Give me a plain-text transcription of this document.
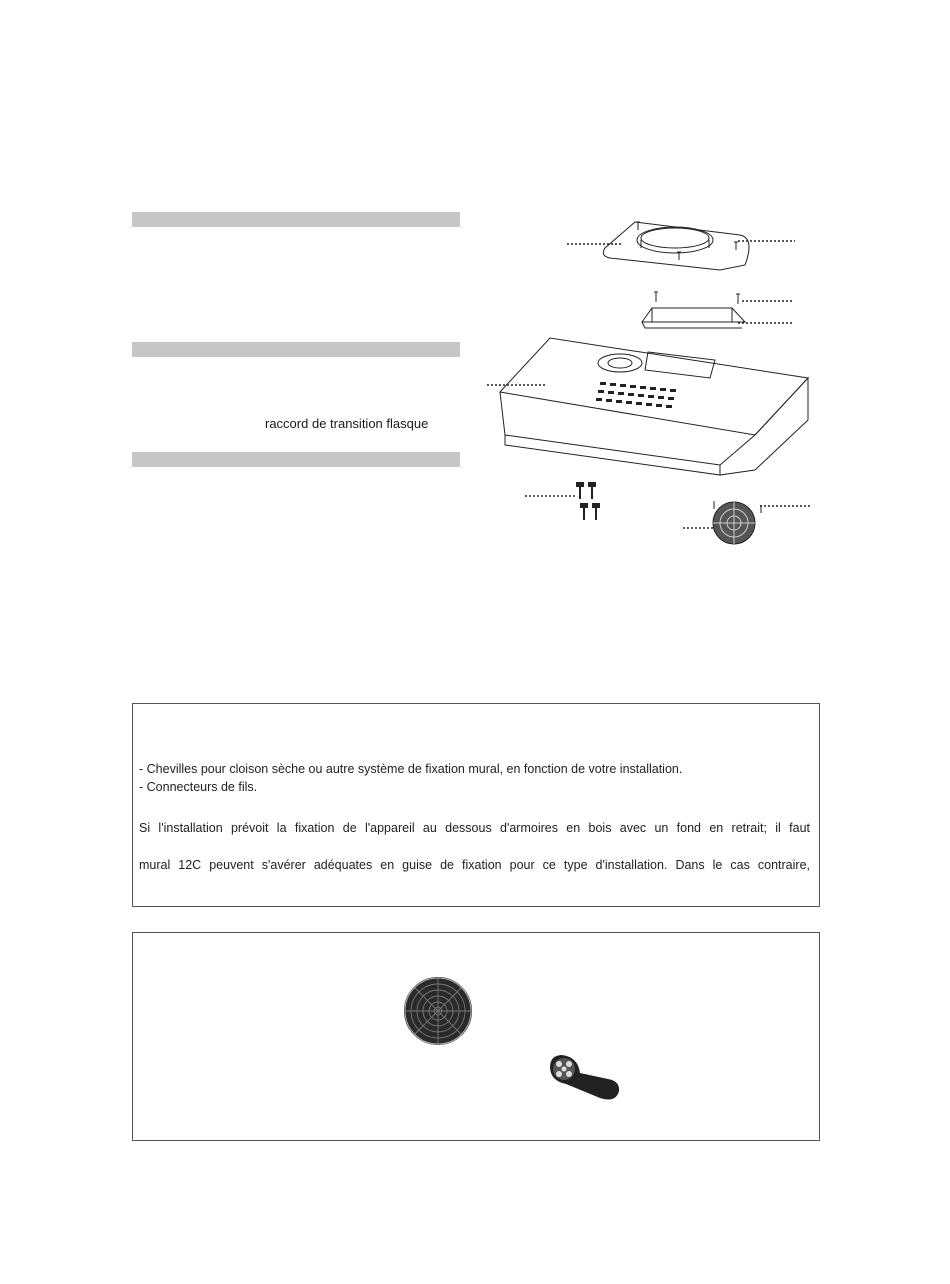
raccord de transition flasque
- Chevilles pour cloison sèche ou autre système de fixation mural, en fonction de votre installation.
- Connecteurs de fils.
Si l'installation prévoit la fixation de l'appareil au dessous d'armoires en bois avec un fond en retrait; il faut
mural 12C peuvent s'avérer adéquates en guise de fixation pour ce type d'installation. Dans le cas contraire,
